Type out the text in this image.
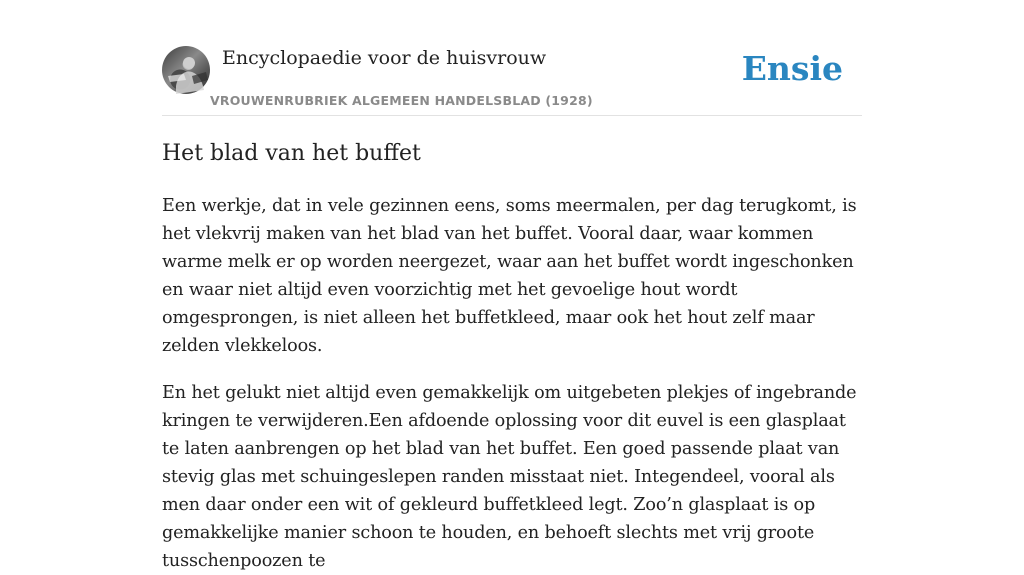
Encyclopaedie voor de huisvrouw
VROUWENRUBRIEK ALGEMEEN HANDELSBLAD (1928)
Ensie
Het blad van het buffet

Een werkje, dat in vele gezinnen eens, soms meermalen, per dag terugkomt, is het vlekvrij maken van het blad van het buffet. Vooral daar, waar kommen warme melk er op worden neergezet, waar aan het buffet wordt ingeschonken en waar niet altijd even voorzichtig met het gevoelige hout wordt omgesprongen, is niet alleen het buffetkleed, maar ook het hout zelf maar zelden vlekkeloos.

En het gelukt niet altijd even gemakkelijk om uitgebeten plekjes of ingebrande kringen te verwijderen.Een afdoende oplossing voor dit euvel is een glasplaat te laten aanbrengen op het blad van het buffet. Een goed passende plaat van stevig glas met schuingeslepen randen misstaat niet. Integendeel, vooral als men daar onder een wit of gekleurd buffetkleed legt. Zoo’n glasplaat is op gemakkelijke manier schoon te houden, en behoeft slechts met vrij groote tusschenpoozen te
